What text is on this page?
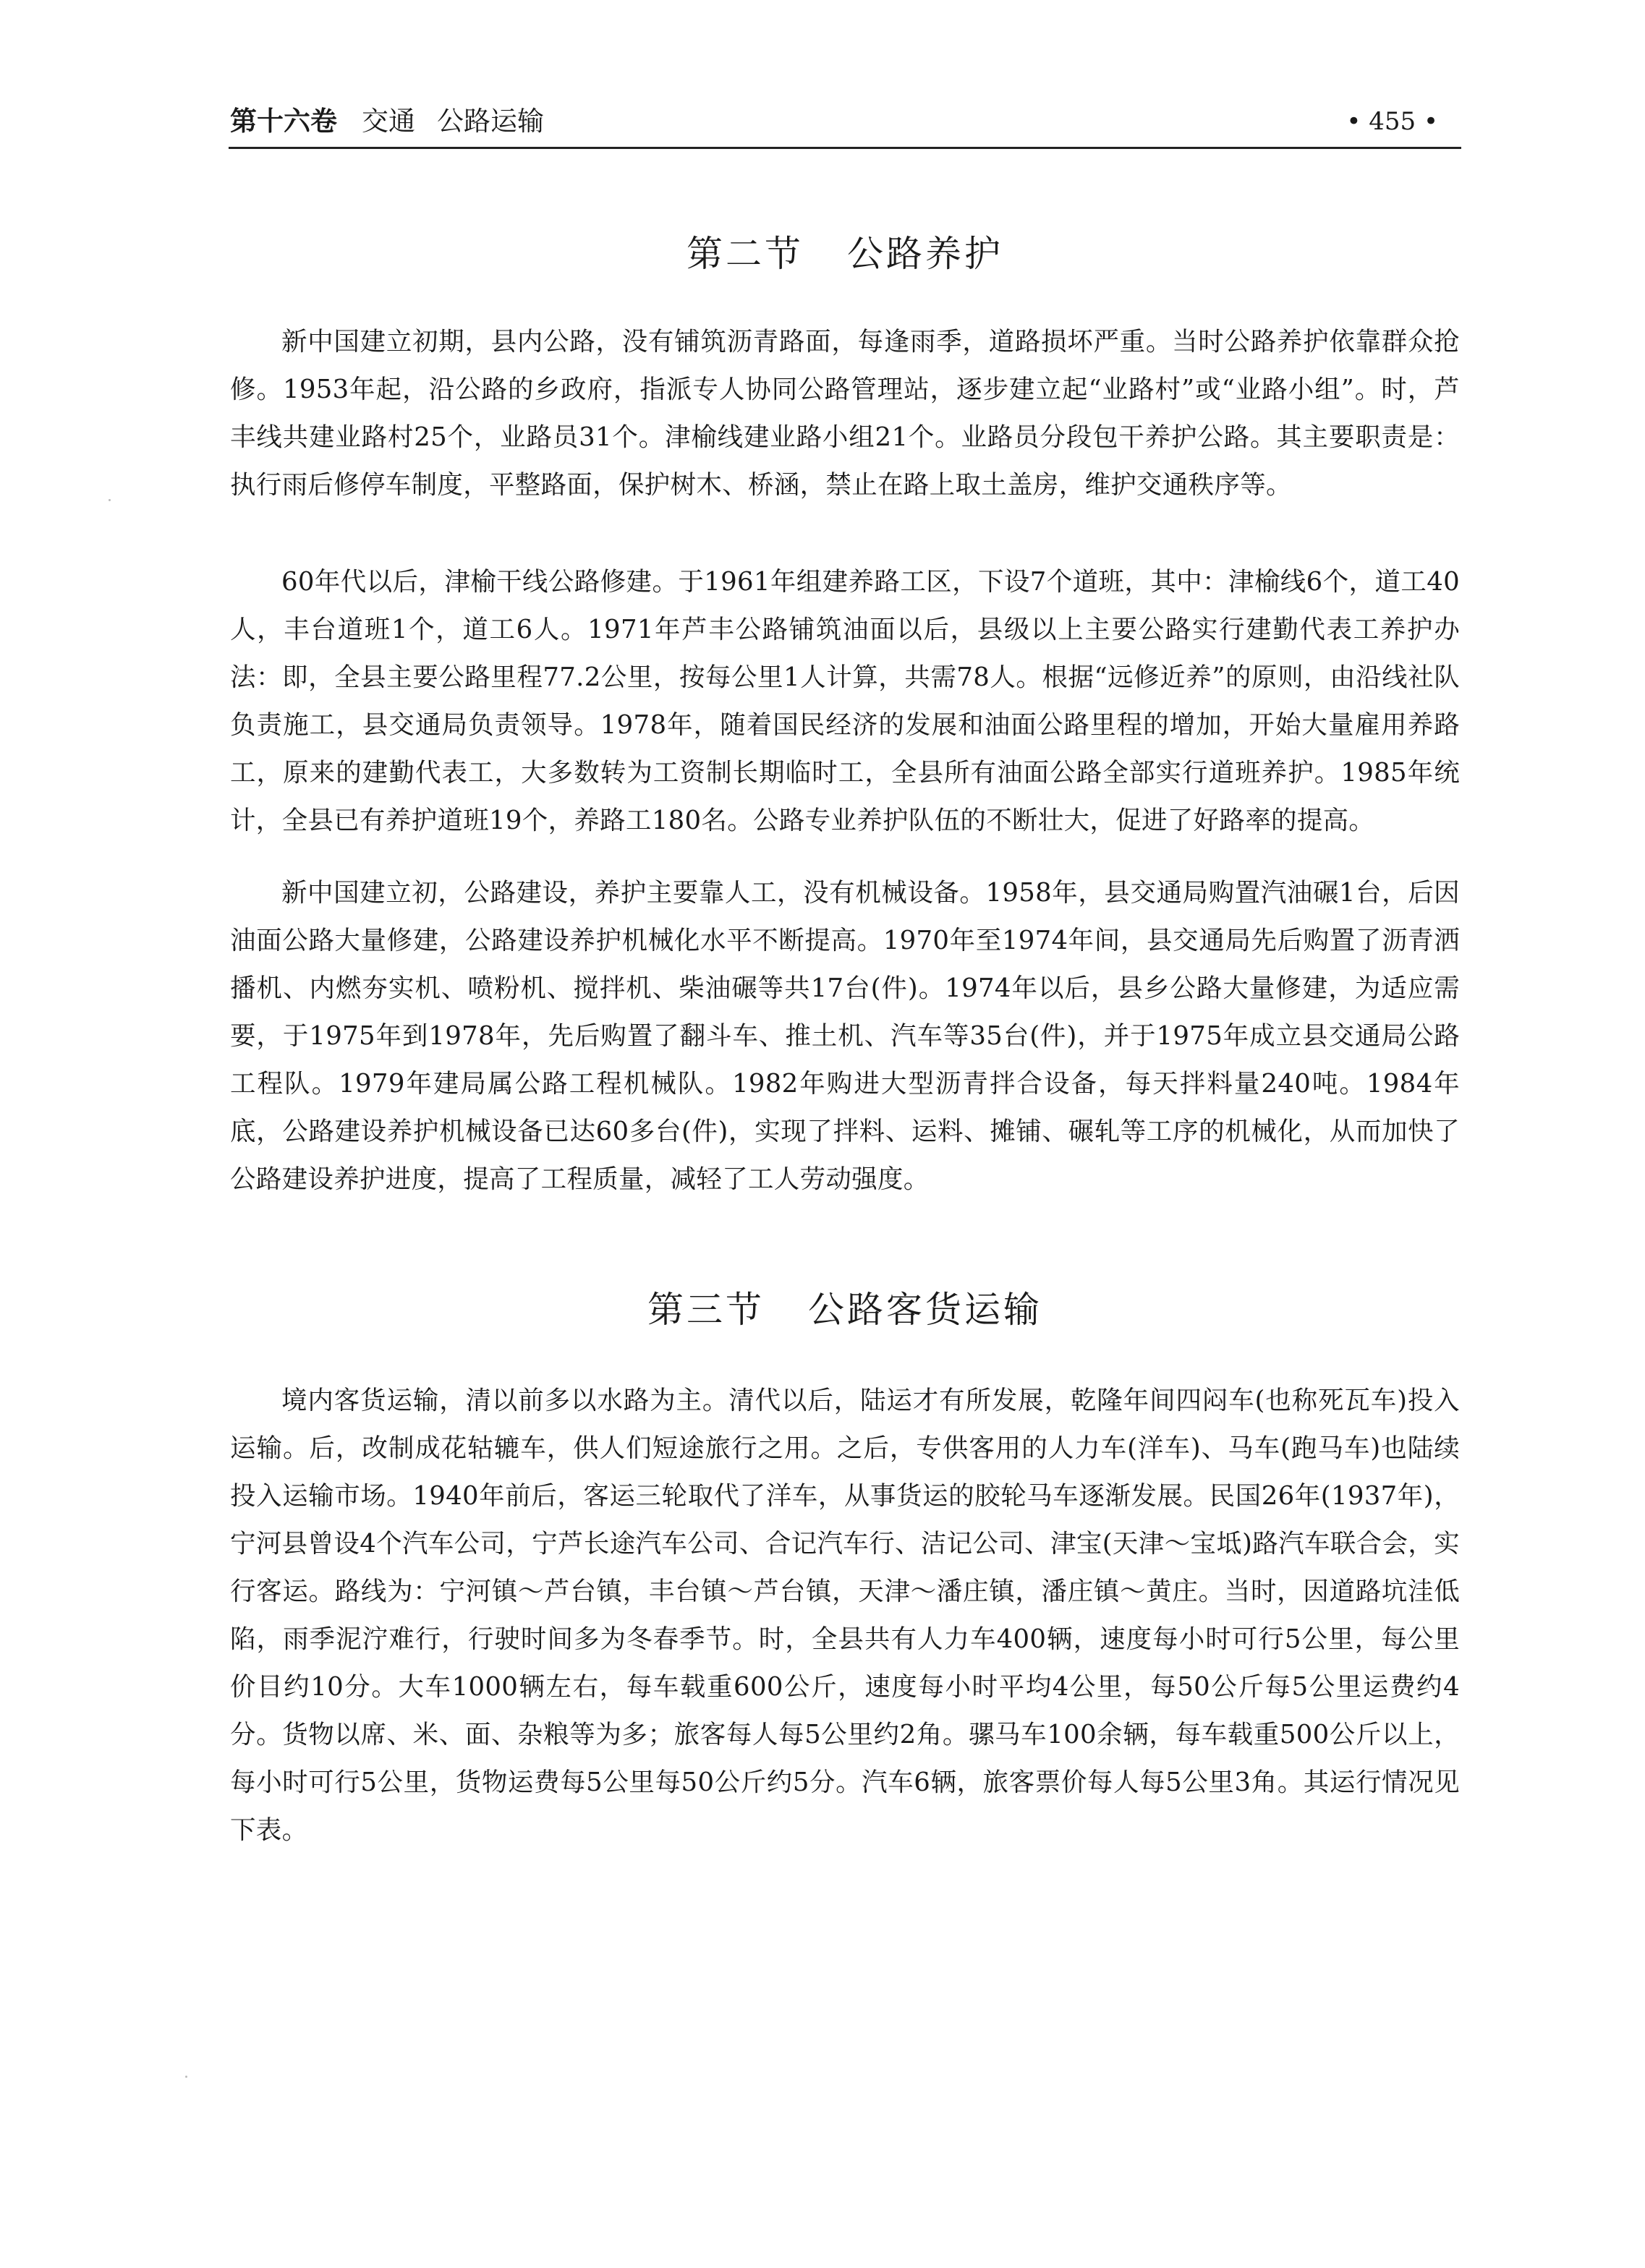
第十六卷 交通 公路运输	• 455 •
第二节 公路养护

新中国建立初期，县内公路，没有铺筑沥青路面，每逢雨季，道路损坏严重。当时公路养护依靠群众抢修。1953年起，沿公路的乡政府，指派专人协同公路管理站，逐步建立起“业路村”或“业路小组”。时，芦丰线共建业路村25个，业路员31个。津榆线建业路小组21个。业路员分段包干养护公路。其主要职责是：执行雨后修停车制度，平整路面，保护树木、桥涵，禁止在路上取土盖房，维护交通秩序等。

60年代以后，津榆干线公路修建。于1961年组建养路工区，下设7个道班，其中：津榆线6个，道工40人，丰台道班1个，道工6人。1971年芦丰公路铺筑油面以后，县级以上主要公路实行建勤代表工养护办法：即，全县主要公路里程77.2公里，按每公里1人计算，共需78人。根据“远修近养”的原则，由沿线社队负责施工，县交通局负责领导。1978年，随着国民经济的发展和油面公路里程的增加，开始大量雇用养路工，原来的建勤代表工，大多数转为工资制长期临时工，全县所有油面公路全部实行道班养护。1985年统计，全县已有养护道班19个，养路工180名。公路专业养护队伍的不断壮大，促进了好路率的提高。

新中国建立初，公路建设，养护主要靠人工，没有机械设备。1958年，县交通局购置汽油碾1台，后因油面公路大量修建，公路建设养护机械化水平不断提高。1970年至1974年间，县交通局先后购置了沥青洒播机、内燃夯实机、喷粉机、搅拌机、柴油碾等共17台(件)。1974年以后，县乡公路大量修建，为适应需要，于1975年到1978年，先后购置了翻斗车、推土机、汽车等35台(件)，并于1975年成立县交通局公路工程队。1979年建局属公路工程机械队。1982年购进大型沥青拌合设备，每天拌料量240吨。1984年底，公路建设养护机械设备已达60多台(件)，实现了拌料、运料、摊铺、碾轧等工序的机械化，从而加快了公路建设养护进度，提高了工程质量，减轻了工人劳动强度。

第三节 公路客货运输

境内客货运输，清以前多以水路为主。清代以后，陆运才有所发展，乾隆年间四闷车(也称死瓦车)投入运输。后，改制成花轱辘车，供人们短途旅行之用。之后，专供客用的人力车(洋车)、马车(跑马车)也陆续投入运输市场。1940年前后，客运三轮取代了洋车，从事货运的胶轮马车逐渐发展。民国26年(1937年)，宁河县曾设4个汽车公司，宁芦长途汽车公司、合记汽车行、洁记公司、津宝(天津～宝坻)路汽车联合会，实行客运。路线为：宁河镇～芦台镇，丰台镇～芦台镇，天津～潘庄镇，潘庄镇～黄庄。当时，因道路坑洼低陷，雨季泥泞难行，行驶时间多为冬春季节。时，全县共有人力车400辆，速度每小时可行5公里，每公里价目约10分。大车1000辆左右，每车载重600公斤，速度每小时平均4公里，每50公斤每5公里运费约4分。货物以席、米、面、杂粮等为多；旅客每人每5公里约2角。骡马车100余辆，每车载重500公斤以上，每小时可行5公里，货物运费每5公里每50公斤约5分。汽车6辆，旅客票价每人每5公里3角。其运行情况见下表。
